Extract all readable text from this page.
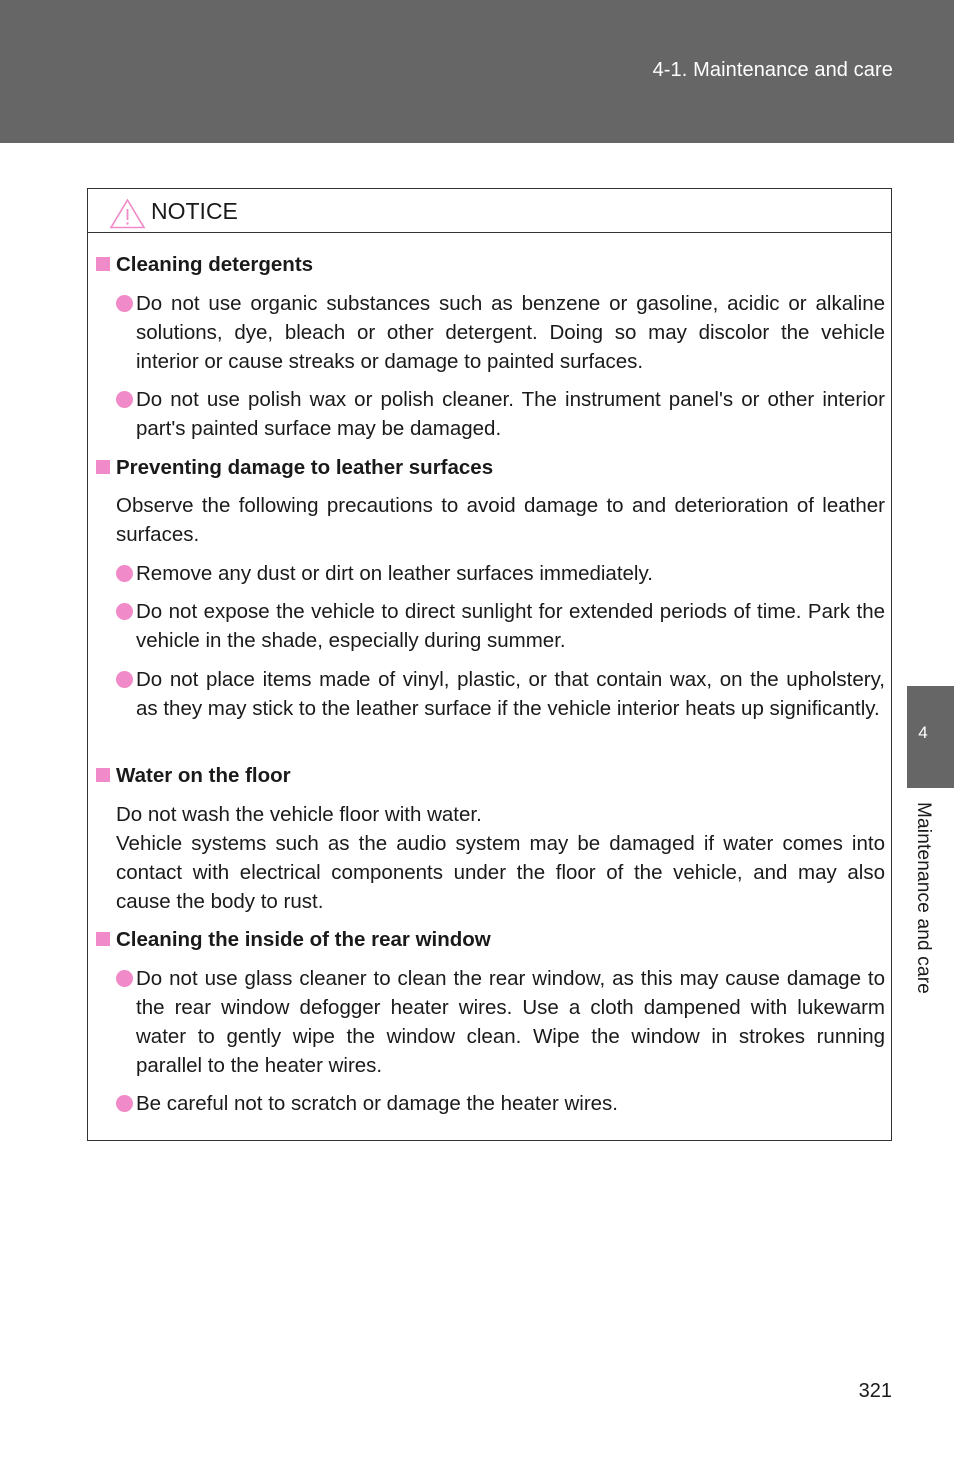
4-1. Maintenance and care
4
Maintenance and care
NOTICE
Cleaning detergents
Do not use organic substances such as benzene or gasoline, acidic or alkaline solutions, dye, bleach or other detergent. Doing so may discolor the vehicle interior or cause streaks or damage to painted surfaces.
Do not use polish wax or polish cleaner. The instrument panel's or other interior part's painted surface may be damaged.
Preventing damage to leather surfaces
Observe the following precautions to avoid damage to and deterioration of leather surfaces.
Remove any dust or dirt on leather surfaces immediately.
Do not expose the vehicle to direct sunlight for extended periods of time. Park the vehicle in the shade, especially during summer.
Do not place items made of vinyl, plastic, or that contain wax, on the upholstery, as they may stick to the leather surface if the vehicle interior heats up significantly.
Water on the floor
Do not wash the vehicle floor with water.
Vehicle systems such as the audio system may be damaged if water comes into contact with electrical components under the floor of the vehicle, and may also cause the body to rust.
Cleaning the inside of the rear window
Do not use glass cleaner to clean the rear window, as this may cause damage to the rear window defogger heater wires. Use a cloth dampened with lukewarm water to gently wipe the window clean. Wipe the window in strokes running parallel to the heater wires.
Be careful not to scratch or damage the heater wires.
321
